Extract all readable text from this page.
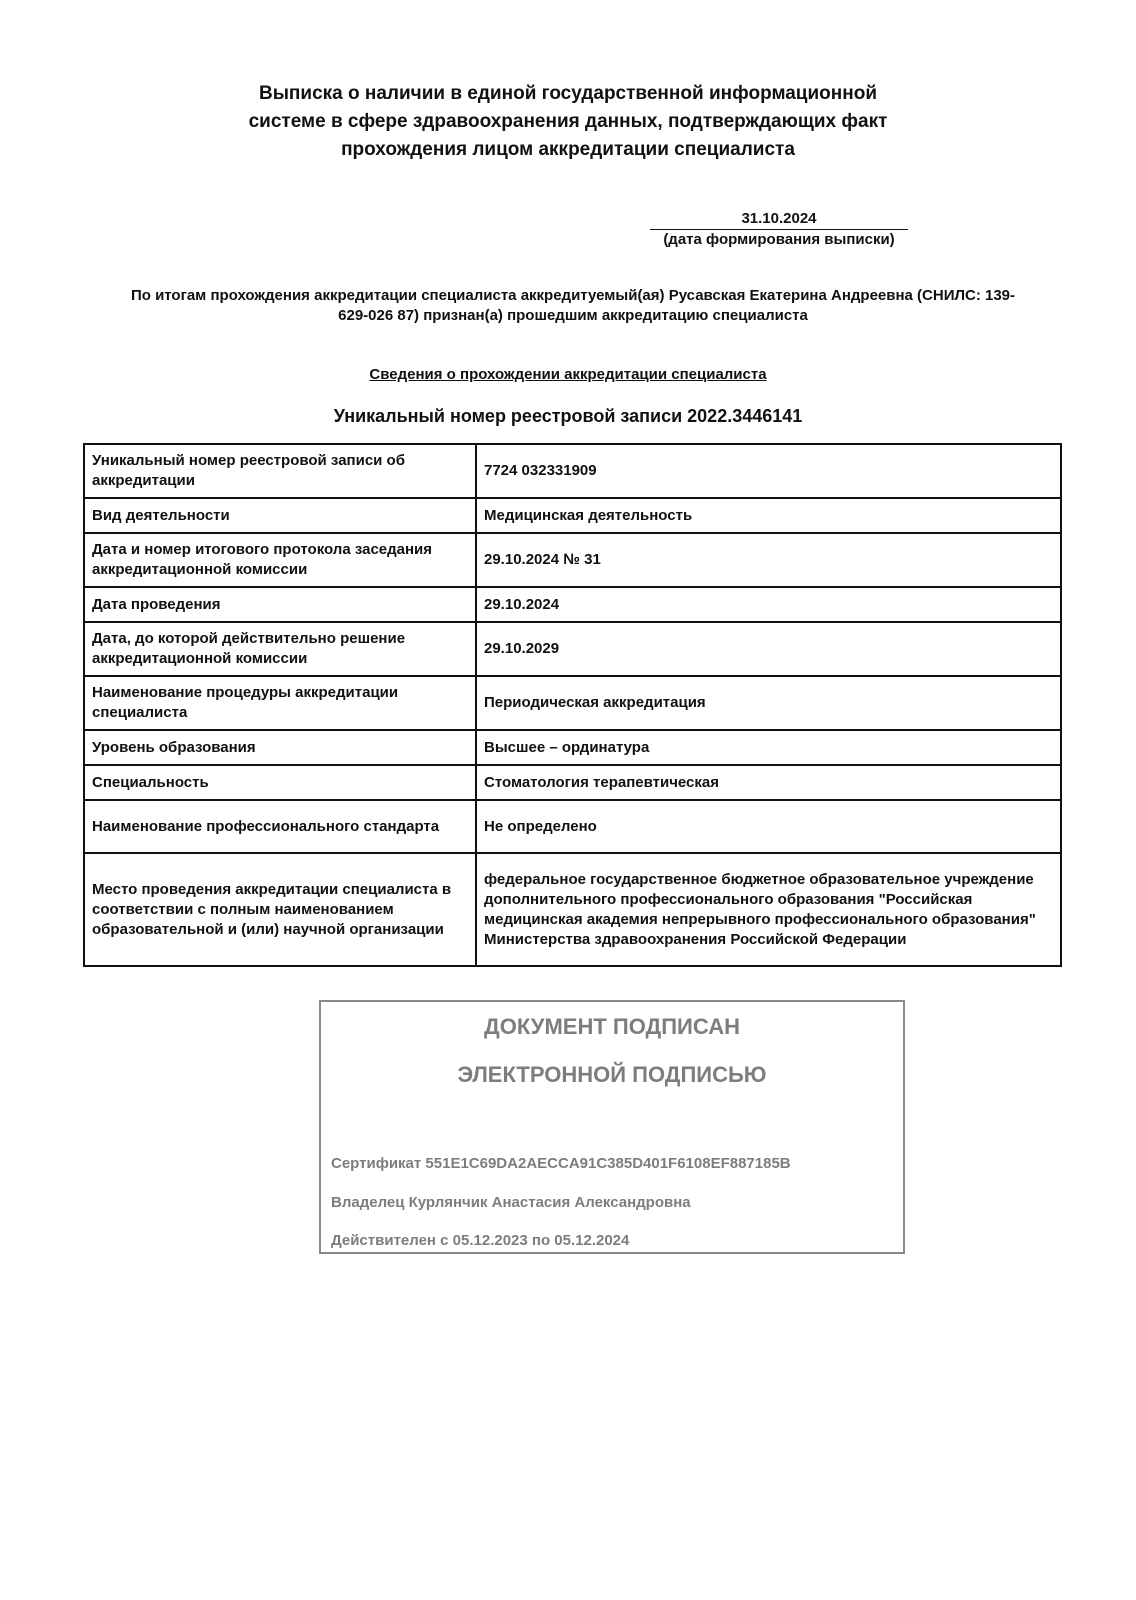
Выписка о наличии в единой государственной информационной
системе в сфере здравоохранения данных, подтверждающих факт
прохождения лицом аккредитации специалиста
31.10.2024
(дата формирования выписки)
По итогам прохождения аккредитации специалиста аккредитуемый(ая) Русавская Екатерина Андреевна (СНИЛС: 139-
629-026 87) признан(а) прошедшим аккредитацию специалиста
Сведения о прохождении аккредитации специалиста
Уникальный номер реестровой записи 2022.3446141
Уникальный номер реестровой записи об аккредитации	7724 032331909
Вид деятельности	Медицинская деятельность
Дата и номер итогового протокола заседания аккредитационной комиссии	29.10.2024 № 31
Дата проведения	29.10.2024
Дата, до которой действительно решение аккредитационной комиссии	29.10.2029
Наименование процедуры аккредитации специалиста	Периодическая аккредитация
Уровень образования	Высшее – ординатура
Специальность	Стоматология терапевтическая
Наименование профессионального стандарта	Не определено
Место проведения аккредитации специалиста в соответствии с полным наименованием образовательной и (или) научной организации	федеральное государственное бюджетное образовательное учреждение дополнительного профессионального образования "Российская медицинская академия непрерывного профессионального образования" Министерства здравоохранения Российской Федерации
ДОКУМЕНТ ПОДПИСАН
ЭЛЕКТРОННОЙ ПОДПИСЬЮ
Сертификат 551E1C69DA2AECCA91C385D401F6108EF887185B
Владелец Курлянчик Анастасия Александровна
Действителен с 05.12.2023 по 05.12.2024
